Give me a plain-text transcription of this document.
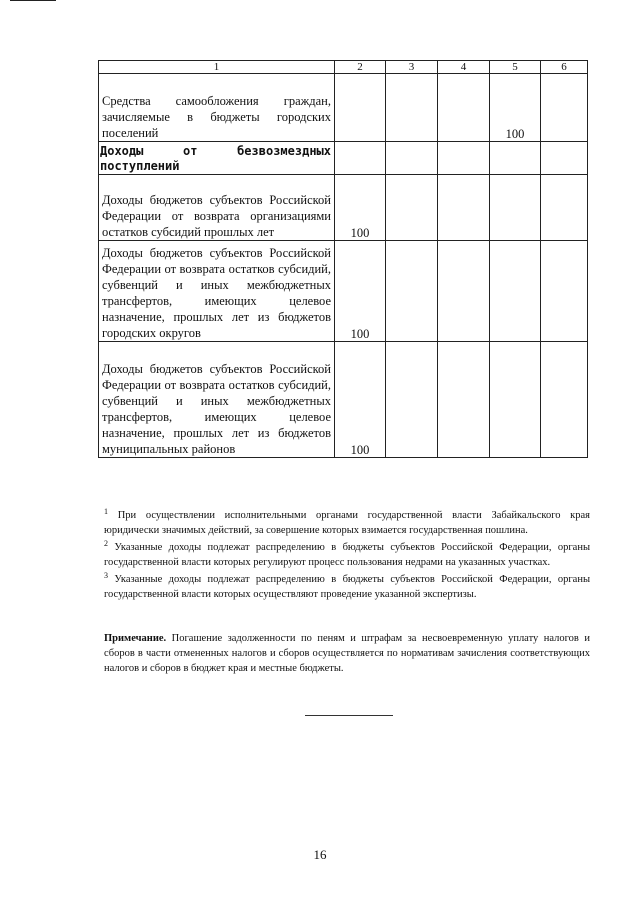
1	2	3	4	5	6
Средства самообложения граждан, зачисляемые в бюджеты городских поселений				100	
Доходы от безвозмездных поступлений					
Доходы бюджетов субъектов Российской Федерации от возврата организациями остатков субсидий прошлых лет	100				
Доходы бюджетов субъектов Российской Федерации от возврата остатков субсидий, субвенций и иных межбюджетных трансфертов, имеющих целевое назначение, прошлых лет из бюджетов городских округов	100				
Доходы бюджетов субъектов Российской Федерации от возврата остатков субсидий, субвенций и иных межбюджетных трансфертов, имеющих целевое назначение, прошлых лет из бюджетов муниципальных районов	100				

$^1$ При осуществлении исполнительными органами государственной власти Забайкальского края юридически значимых действий, за совершение которых взимается государственная пошлина.

$^2$ Указанные доходы подлежат распределению в бюджеты субъектов Российской Федерации, органы государственной власти которых регулируют процесс пользования недрами на указанных участках.

$^3$ Указанные доходы подлежат распределению в бюджеты субъектов Российской Федерации, органы государственной власти которых осуществляют проведение указанной экспертизы.

Примечание. Погашение задолженности по пеням и штрафам за несвоевременную уплату налогов и сборов в части отмененных налогов и сборов осуществляется по нормативам зачисления соответствующих налогов и сборов в бюджет края и местные бюджеты.
16
